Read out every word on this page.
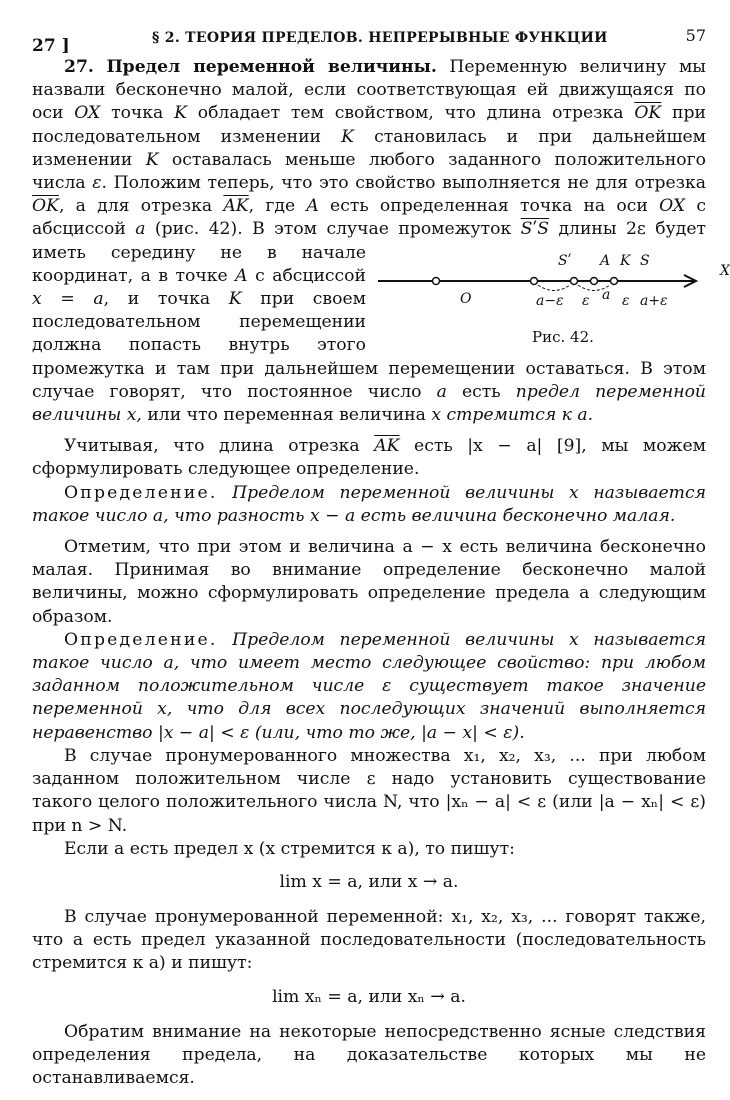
27 ]	§ 2. ТЕОРИЯ ПРЕДЕЛОВ. НЕПРЕРЫВНЫЕ ФУНКЦИИ	57

27. Предел переменной величины. Переменную величину мы назвали бесконечно малой, если соответствующая ей движущаяся по оси OX точка K обладает тем свойством, что длина отрезка $\overline{OK}$ при последовательном изменении K становилась и при дальнейшем изменении K оставалась меньше любого заданного положительного числа ε. Положим теперь, что это свойство выполняется не для отрезка $\overline{OK}$, а для отрезка $\overline{AK}$, где A есть определенная точка на оси OX с абсциссой a (рис. 42). В этом случае промежуток SʹS
O
Sʹ	A K S
X
a−ε	ε a ε a+ε
Рис. 42.
длины 2ε будет иметь середину не в начале координат, а в точке A с абсциссой x = a, и точка K при своем последовательном перемещении должна попасть внутрь этого промежутка и там при дальнейшем перемещении оставаться. В этом случае говорят, что постоянное число a есть предел переменной величины x, или что переменная величина x стремится к a.

Учитывая, что длина отрезка $\overline{AK}$ есть |x − a| [9], мы можем сформулировать следующее определение.

Определение. Пределом переменной величины x называется такое число a, что разность x − a есть величина бесконечно малая.

Отметим, что при этом и величина a − x есть величина бесконечно малая. Принимая во внимание определение бесконечно малой величины, можно сформулировать определение предела a следующим образом.

Определение. Пределом переменной величины x называется такое число a, что имеет место следующее свойство: при любом заданном положительном числе ε существует такое значение переменной x, что для всех последующих значений выполняется неравенство |x − a| < ε (или, что то же, |a − x| < ε).

В случае пронумерованного множества x₁, x₂, x₃, ... при любом заданном положительном числе ε надо установить существование такого целого положительного числа N, что |xₙ − a| < ε (или |a − xₙ| < ε) при n > N.

Если a есть предел x (x стремится к a), то пишут:

lim x = a, или x → a.

В случае пронумерованной переменной: x₁, x₂, x₃, ... говорят также, что a есть предел указанной последовательности (последовательность стремится к a) и пишут:

lim xₙ = a, или xₙ → a.

Обратим внимание на некоторые непосредственно ясные следствия определения предела, на доказательстве которых мы не останавливаемся.
